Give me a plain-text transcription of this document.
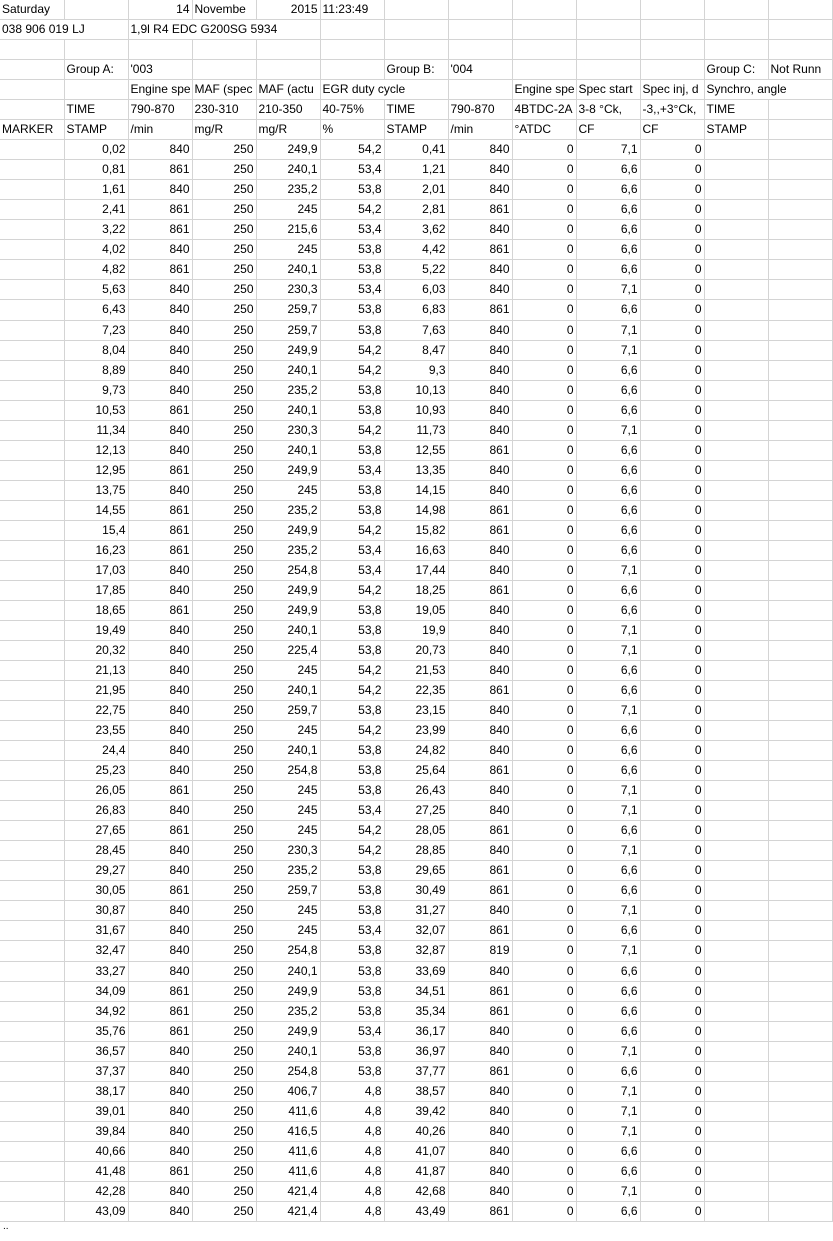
Saturday		14	Novembe	2015	11:23:49								
038 906 019 LJ		1,9l R4 EDC G200SG 5934											

	Group A:	'003				Group B:	'004				Group C:	Not Runn	
		Engine spe	MAF (spec	MAF (actu	EGR duty cycle			Engine spe	Spec start	Spec inj, d	Synchro, angle		
	TIME	790-870	230-310	210-350	40-75%	TIME	790-870	4BTDC-2A	3-8 °Ck,	-3,,+3°Ck,	TIME		
MARKER	STAMP	/min	mg/R	mg/R	%	STAMP	/min	°ATDC	CF	CF	STAMP		
	0,02	840	250	249,9	54,2	0,41	840	0	7,1	0			
	0,81	861	250	240,1	53,4	1,21	840	0	6,6	0			
	1,61	840	250	235,2	53,8	2,01	840	0	6,6	0			
	2,41	861	250	245	54,2	2,81	861	0	6,6	0			
	3,22	861	250	215,6	53,4	3,62	840	0	6,6	0			
	4,02	840	250	245	53,8	4,42	861	0	6,6	0			
	4,82	861	250	240,1	53,8	5,22	840	0	6,6	0			
	5,63	840	250	230,3	53,4	6,03	840	0	7,1	0			
	6,43	840	250	259,7	53,8	6,83	861	0	6,6	0			
	7,23	840	250	259,7	53,8	7,63	840	0	7,1	0			
	8,04	840	250	249,9	54,2	8,47	840	0	7,1	0			
	8,89	840	250	240,1	54,2	9,3	840	0	6,6	0			
	9,73	840	250	235,2	53,8	10,13	840	0	6,6	0			
	10,53	861	250	240,1	53,8	10,93	840	0	6,6	0			
	11,34	840	250	230,3	54,2	11,73	840	0	7,1	0			
	12,13	840	250	240,1	53,8	12,55	861	0	6,6	0			
	12,95	861	250	249,9	53,4	13,35	840	0	6,6	0			
	13,75	840	250	245	53,8	14,15	840	0	6,6	0			
	14,55	861	250	235,2	53,8	14,98	861	0	6,6	0			
	15,4	861	250	249,9	54,2	15,82	861	0	6,6	0			
	16,23	861	250	235,2	53,4	16,63	840	0	6,6	0			
	17,03	840	250	254,8	53,4	17,44	840	0	7,1	0			
	17,85	840	250	249,9	54,2	18,25	861	0	6,6	0			
	18,65	861	250	249,9	53,8	19,05	840	0	6,6	0			
	19,49	840	250	240,1	53,8	19,9	840	0	7,1	0			
	20,32	840	250	225,4	53,8	20,73	840	0	7,1	0			
	21,13	840	250	245	54,2	21,53	840	0	6,6	0			
	21,95	840	250	240,1	54,2	22,35	861	0	6,6	0			
	22,75	840	250	259,7	53,8	23,15	840	0	7,1	0			
	23,55	840	250	245	54,2	23,99	840	0	6,6	0			
	24,4	840	250	240,1	53,8	24,82	840	0	6,6	0			
	25,23	840	250	254,8	53,8	25,64	861	0	6,6	0			
	26,05	861	250	245	53,8	26,43	840	0	7,1	0			
	26,83	840	250	245	53,4	27,25	840	0	7,1	0			
	27,65	861	250	245	54,2	28,05	861	0	6,6	0			
	28,45	840	250	230,3	54,2	28,85	840	0	7,1	0			
	29,27	840	250	235,2	53,8	29,65	861	0	6,6	0			
	30,05	861	250	259,7	53,8	30,49	861	0	6,6	0			
	30,87	840	250	245	53,8	31,27	840	0	7,1	0			
	31,67	840	250	245	53,4	32,07	861	0	6,6	0			
	32,47	840	250	254,8	53,8	32,87	819	0	7,1	0			
	33,27	840	250	240,1	53,8	33,69	840	0	6,6	0			
	34,09	861	250	249,9	53,8	34,51	861	0	6,6	0			
	34,92	861	250	235,2	53,8	35,34	861	0	6,6	0			
	35,76	861	250	249,9	53,4	36,17	840	0	6,6	0			
	36,57	840	250	240,1	53,8	36,97	840	0	7,1	0			
	37,37	840	250	254,8	53,8	37,77	861	0	6,6	0			
	38,17	840	250	406,7	4,8	38,57	840	0	7,1	0			
	39,01	840	250	411,6	4,8	39,42	840	0	7,1	0			
	39,84	840	250	416,5	4,8	40,26	840	0	7,1	0			
	40,66	840	250	411,6	4,8	41,07	840	0	6,6	0			
	41,48	861	250	411,6	4,8	41,87	840	0	6,6	0			
	42,28	840	250	421,4	4,8	42,68	840	0	7,1	0			
	43,09	840	250	421,4	4,8	43,49	861	0	6,6	0			
..
